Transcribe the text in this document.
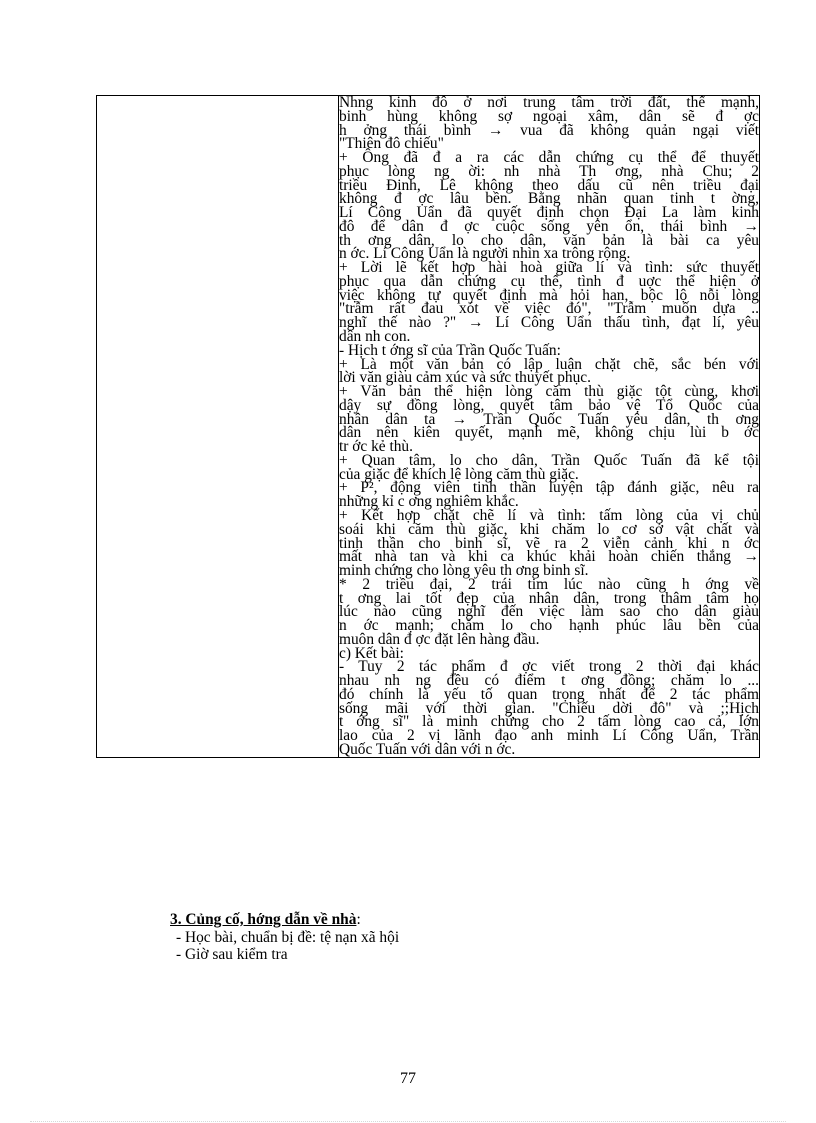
Nhng kinh đô ở nơi trung tâm trời đất, thế mạnh,
binh hùng không sợ ngoại xâm, dân sẽ đ ợc
h ởng thái bình → vua đã không quản ngại viết
"Thiên đô chiếu"
+ Ông đã đ a ra các dẫn chứng cụ thể để thuyết
phục lòng ng ời: nh nhà Th ơng, nhà Chu; 2
triều Đinh, Lê không theo dấu cũ nên triều đại
không đ ợc lâu bền. Bằng nhãn quan tinh t ờng,
Lí Công Uẩn đã quyết định chọn Đại La làm kinh
đô để dân đ ợc cuộc sống yên ổn, thái bình →
th ơng dân, lo cho dân, văn bản là bài ca yêu
n ớc. Lí Công Uẩn là người nhìn xa trông rộng.
+ Lời lẽ kết hợp hài hoà giữa lí và tình: sức thuyết
phục qua dẫn chứng cụ thể, tình đ uợc thể hiện ở
việc không tự quyết định mà hỏi han, bộc lộ nỗi lòng
"trẫm rất đau xót về việc đó", "Trẫm muốn dựa ..
nghĩ thế nào ?" → Lí Công Uẩn thấu tình, đạt lí, yêu
dân nh con.
- Hịch t ớng sĩ của Trần Quốc Tuấn:
+ Là một văn bản có lập luận chặt chẽ, sắc bén với
lời văn giàu cảm xúc và sức thuyết phục.
+ Văn bản thể hiện lòng căm thù giặc tột cùng, khơi
dậy sự đồng lòng, quyết tâm bảo vệ Tổ Quốc của
nhân dân ta → Trần Quốc Tuấn yêu dân, th ơng
dân nên kiên quyết, mạnh mẽ, không chịu lùi b ớc
tr ớc kẻ thù.
+ Quan tâm, lo cho dân, Trần Quốc Tuấn đã kể tội
của giặc để khích lệ lòng căm thù giặc.
+ P², động viên tinh thần luyện tập đánh giặc, nêu ra
những kỉ c ơng nghiêm khắc.
+ Kết hợp chặt chẽ lí và tình: tấm lòng của vị chủ
soái khi căm thù giặc, khi chăm lo cơ sở vật chất và
tinh thần cho binh sĩ, vẽ ra 2 viễn cảnh khi n ớc
mất nhà tan và khi ca khúc khải hoàn chiến thắng →
minh chứng cho lòng yêu th ơng binh sĩ.
* 2 triều đại, 2 trái tim lúc nào cũng h ớng về
t ơng lai tốt đẹp của nhân dân, trong thâm tâm họ
lúc nào cũng nghĩ đến việc làm sao cho dân giàu
n ớc mạnh; chăm lo cho hạnh phúc lâu bền của
muôn dân đ ợc đặt lên hàng đầu.
c) Kết bài:
- Tuy 2 tác phẩm đ ợc viết trong 2 thời đại khác
nhau nh ng đều có điểm t ơng đồng; chăm lo ...
đó chính là yếu tố quan trọng nhất để 2 tác phẩm
sống mãi với thời gian. "Chiếu dời đô" và ;;Hịch
t ớng sĩ" là minh chứng cho 2 tấm lòng cao cả, lớn
lao của 2 vị lãnh đạo anh minh Lí Công Uẩn, Trần
Quốc Tuấn với dân với n ớc.
3. Củng cố, hớng dẫn về nhà:
- Học bài, chuẩn bị đề: tệ nạn xã hội
- Giờ sau kiểm tra
77
